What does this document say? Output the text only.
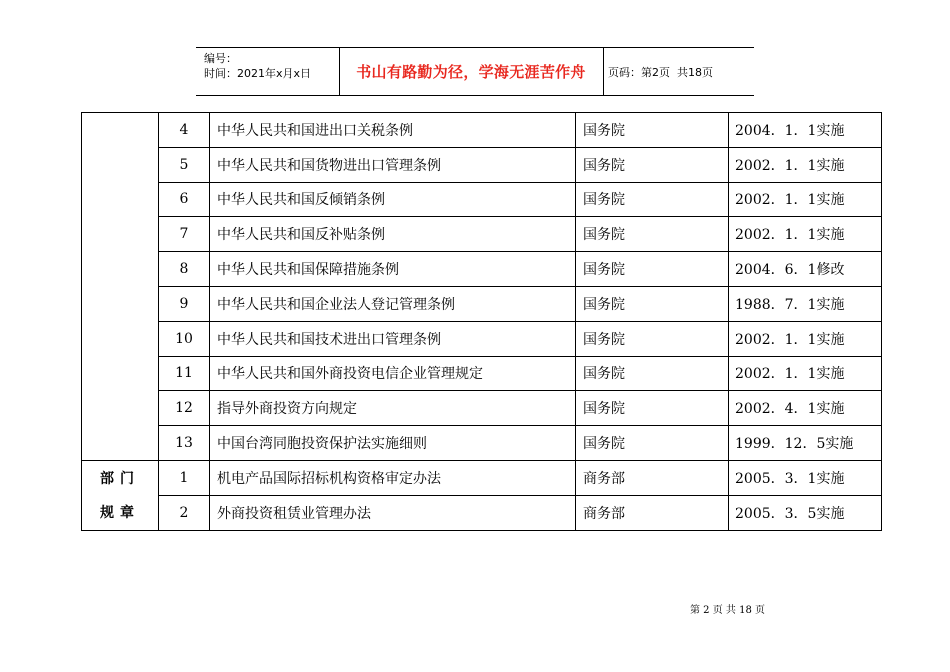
编号：
时间：2021年x月x日	书山有路勤为径，学海无涯苦作舟	页码：第2页  共18页
	4	中华人民共和国进出口关税条例	国务院	2004．1．1实施
	5	中华人民共和国货物进出口管理条例	国务院	2002．1．1实施
	6	中华人民共和国反倾销条例	国务院	2002．1．1实施
	7	中华人民共和国反补贴条例	国务院	2002．1．1实施
	8	中华人民共和国保障措施条例	国务院	2004．6．1修改
	9	中华人民共和国企业法人登记管理条例	国务院	1988．7．1实施
	10	中华人民共和国技术进出口管理条例	国务院	2002．1．1实施
	11	中华人民共和国外商投资电信企业管理规定	国务院	2002．1．1实施
	12	指导外商投资方向规定	国务院	2002．4．1实施
	13	中国台湾同胞投资保护法实施细则	国务院	1999．12．5实施
部门	1	机电产品国际招标机构资格审定办法	商务部	2005．3．1实施
规章	2	外商投资租赁业管理办法	商务部	2005．3．5实施
第 2 页 共 18 页
